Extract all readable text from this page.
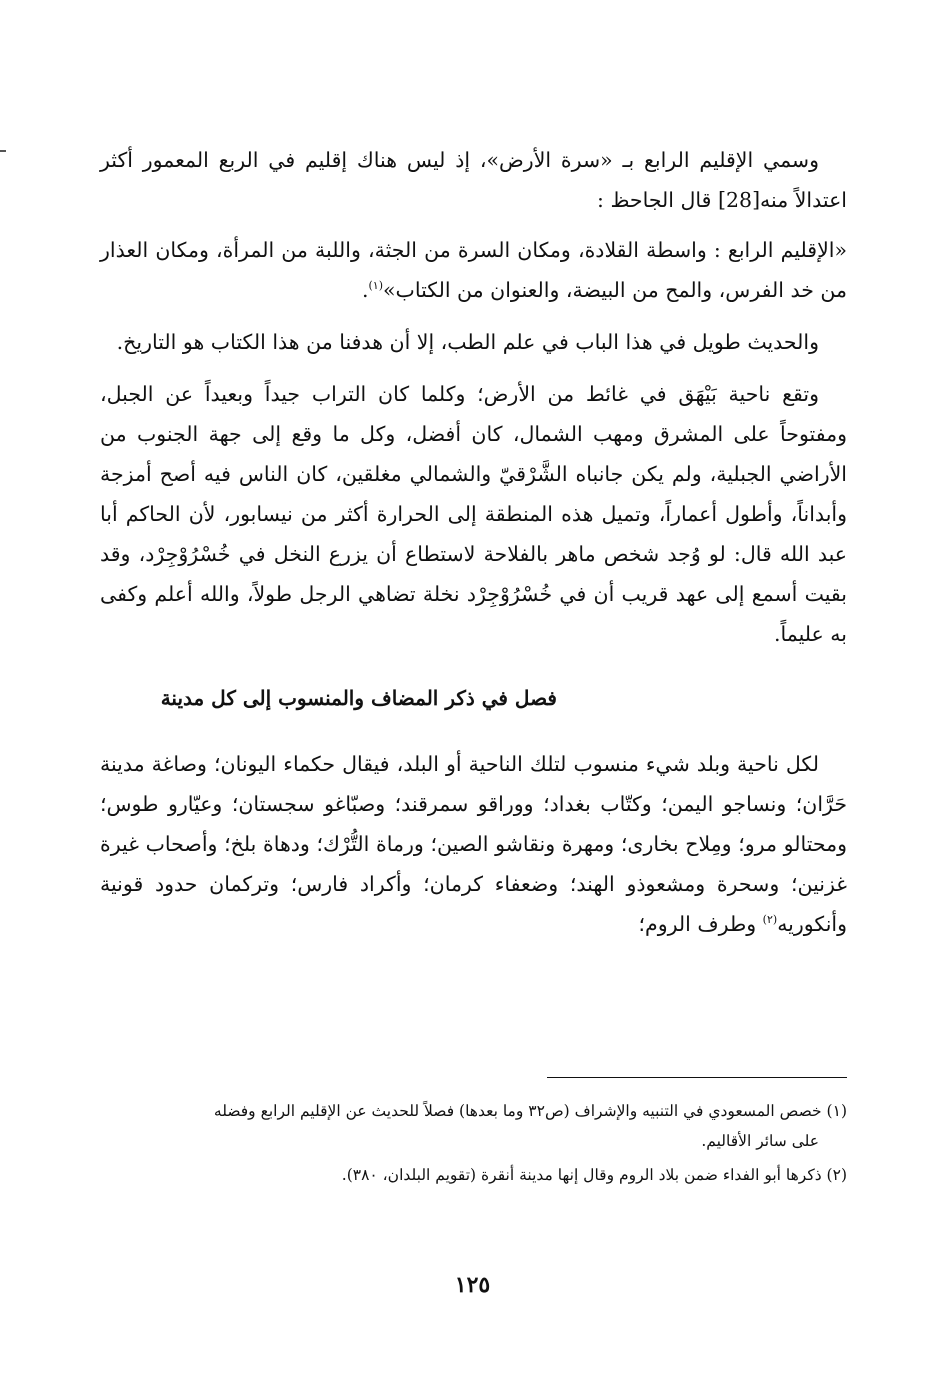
وسمي الإقليم الرابع بـ «سرة الأرض»، إذ ليس هناك إقليم في الربع المعمور أكثر اعتدالاً منه[28] قال الجاحظ :

«الإقليم الرابع : واسطة القلادة، ومكان السرة من الجثة، واللبة من المرأة، ومكان العذار من خد الفرس، والمح من البيضة، والعنوان من الكتاب»$^{(١)}$.

والحديث طويل في هذا الباب في علم الطب، إلا أن هدفنا من هذا الكتاب هو التاريخ.

وتقع ناحية بَيْهَق في غائط من الأرض؛ وكلما كان التراب جيداً وبعيداً عن الجبل، ومفتوحاً على المشرق ومهب الشمال، كان أفضل، وكل ما وقع إلى جهة الجنوب من الأراضي الجبلية، ولم يكن جانباه الشَّرْقيّ والشمالي مغلقين، كان الناس فيه أصح أمزجة وأبداناً، وأطول أعماراً، وتميل هذه المنطقة إلى الحرارة أكثر من نيسابور، لأن الحاكم أبا عبد الله قال: لو وُجد شخص ماهر بالفلاحة لاستطاع أن يزرع النخل في خُسْرُوْجِرْد، وقد بقيت أسمع إلى عهد قريب أن في خُسْرُوْجِرْد نخلة تضاهي الرجل طولاً، والله أعلم وكفى به عليماً.

فصل في ذكر المضاف والمنسوب إلى كل مدينة

لكل ناحية وبلد شيء منسوب لتلك الناحية أو البلد، فيقال حكماء اليونان؛ وصاغة مدينة حَرَّان؛ ونساجو اليمن؛ وكتّاب بغداد؛ ووراقو سمرقند؛ وصبّاغو سجستان؛ وعيّارو طوس؛ ومحتالو مرو؛ ومِلاح بخارى؛ ومهرة ونقاشو الصين؛ ورماة التُّرْك؛ ودهاة بلخ؛ وأصحاب غيرة غزنين؛ وسحرة ومشعوذو الهند؛ وضعفاء كرمان؛ وأكراد فارس؛ وتركمان حدود قونية وأنكوريه$^{(٢)}$ وطرف الروم؛

(١) خصص المسعودي في التنبيه والإشراف (ص٣٢ وما بعدها) فصلاً للحديث عن الإقليم الرابع وفضله
على سائر الأقاليم.

(٢) ذكرها أبو الفداء ضمن بلاد الروم وقال إنها مدينة أنقرة (تقويم البلدان، ٣٨٠).

١٢٥
